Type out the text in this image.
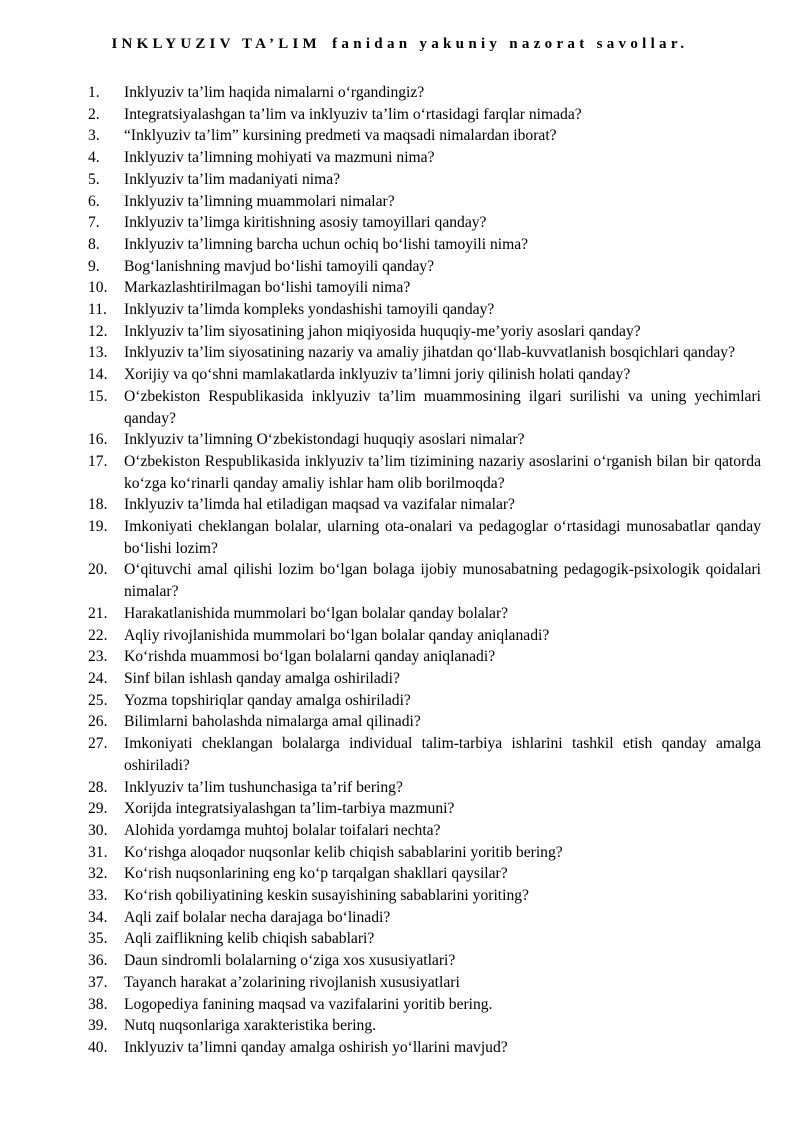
INKLYUZIV TA’LIM fanidan yakuniy nazorat savollar.
1.	Inklyuziv ta’lim haqida nimalarni o‘rgandingiz?
2.	Integratsiyalashgan ta’lim va inklyuziv ta’lim o‘rtasidagi farqlar nimada?
3.	“Inklyuziv ta’lim” kursining predmeti va maqsadi nimalardan iborat?
4.	Inklyuziv ta’limning mohiyati va mazmuni nima?
5.	Inklyuziv ta’lim madaniyati nima?
6.	Inklyuziv ta’limning muammolari nimalar?
7.	Inklyuziv ta’limga kiritishning asosiy tamoyillari qanday?
8.	Inklyuziv ta’limning barcha uchun ochiq bo‘lishi tamoyili nima?
9.	Bog‘lanishning mavjud bo‘lishi tamoyili qanday?
10.	Markazlashtirilmagan bo‘lishi tamoyili nima?
11.	Inklyuziv ta’limda kompleks yondashishi tamoyili qanday?
12.	Inklyuziv ta’lim siyosatining jahon miqiyosida huquqiy-me’yoriy asoslari qanday?
13.	Inklyuziv ta’lim siyosatining nazariy va amaliy jihatdan qo‘llab-kuvvatlanish bosqichlari qanday?
14.	Xorijiy va qo‘shni mamlakatlarda inklyuziv ta’limni joriy qilinish holati qanday?
15.	O‘zbekiston Respublikasida inklyuziv ta’lim muammosining ilgari surilishi va uning yechimlari qanday?
16.	Inklyuziv ta’limning O‘zbekistondagi huquqiy asoslari nimalar?
17.	O‘zbekiston Respublikasida inklyuziv ta’lim tizimining nazariy asoslarini o‘rganish bilan bir qatorda ko‘zga ko‘rinarli qanday amaliy ishlar ham olib borilmoqda?
18.	Inklyuziv ta’limda hal etiladigan maqsad va vazifalar nimalar?
19.	Imkoniyati cheklangan bolalar, ularning ota-onalari va pedagoglar o‘rtasidagi munosabatlar qanday bo‘lishi lozim?
20.	O‘qituvchi amal qilishi lozim bo‘lgan bolaga ijobiy munosabatning pedagogik-psixologik qoidalari nimalar?
21.	Harakatlanishida mummolari bo‘lgan bolalar qanday bolalar?
22.	Aqliy rivojlanishida mummolari bo‘lgan bolalar qanday aniqlanadi?
23.	Ko‘rishda muammosi bo‘lgan bolalarni qanday aniqlanadi?
24.	Sinf bilan ishlash qanday amalga oshiriladi?
25.	Yozma topshiriqlar qanday amalga oshiriladi?
26.	Bilimlarni baholashda nimalarga amal qilinadi?
27.	Imkoniyati cheklangan bolalarga individual talim-tarbiya ishlarini tashkil etish qanday amalga oshiriladi?
28.	Inklyuziv ta’lim tushunchasiga ta’rif bering?
29.	Xorijda integratsiyalashgan ta’lim-tarbiya mazmuni?
30.	Alohida yordamga muhtoj bolalar toifalari nechta?
31.	Ko‘rishga aloqador nuqsonlar kelib chiqish sabablarini yoritib bering?
32.	Ko‘rish nuqsonlarining eng ko‘p tarqalgan shakllari qaysilar?
33.	Ko‘rish qobiliyatining keskin susayishining sabablarini yoriting?
34.	Aqli zaif bolalar necha darajaga bo‘linadi?
35.	Aqli zaiflikning kelib chiqish sabablari?
36.	Daun sindromli bolalarning o‘ziga xos xususiyatlari?
37.	Tayanch harakat a’zolarining rivojlanish xususiyatlari
38.	Logopediya fanining maqsad va vazifalarini yoritib bering.
39.	Nutq nuqsonlariga xarakteristika bering.
40.	Inklyuziv ta’limni qanday amalga oshirish yo‘llarini mavjud?
